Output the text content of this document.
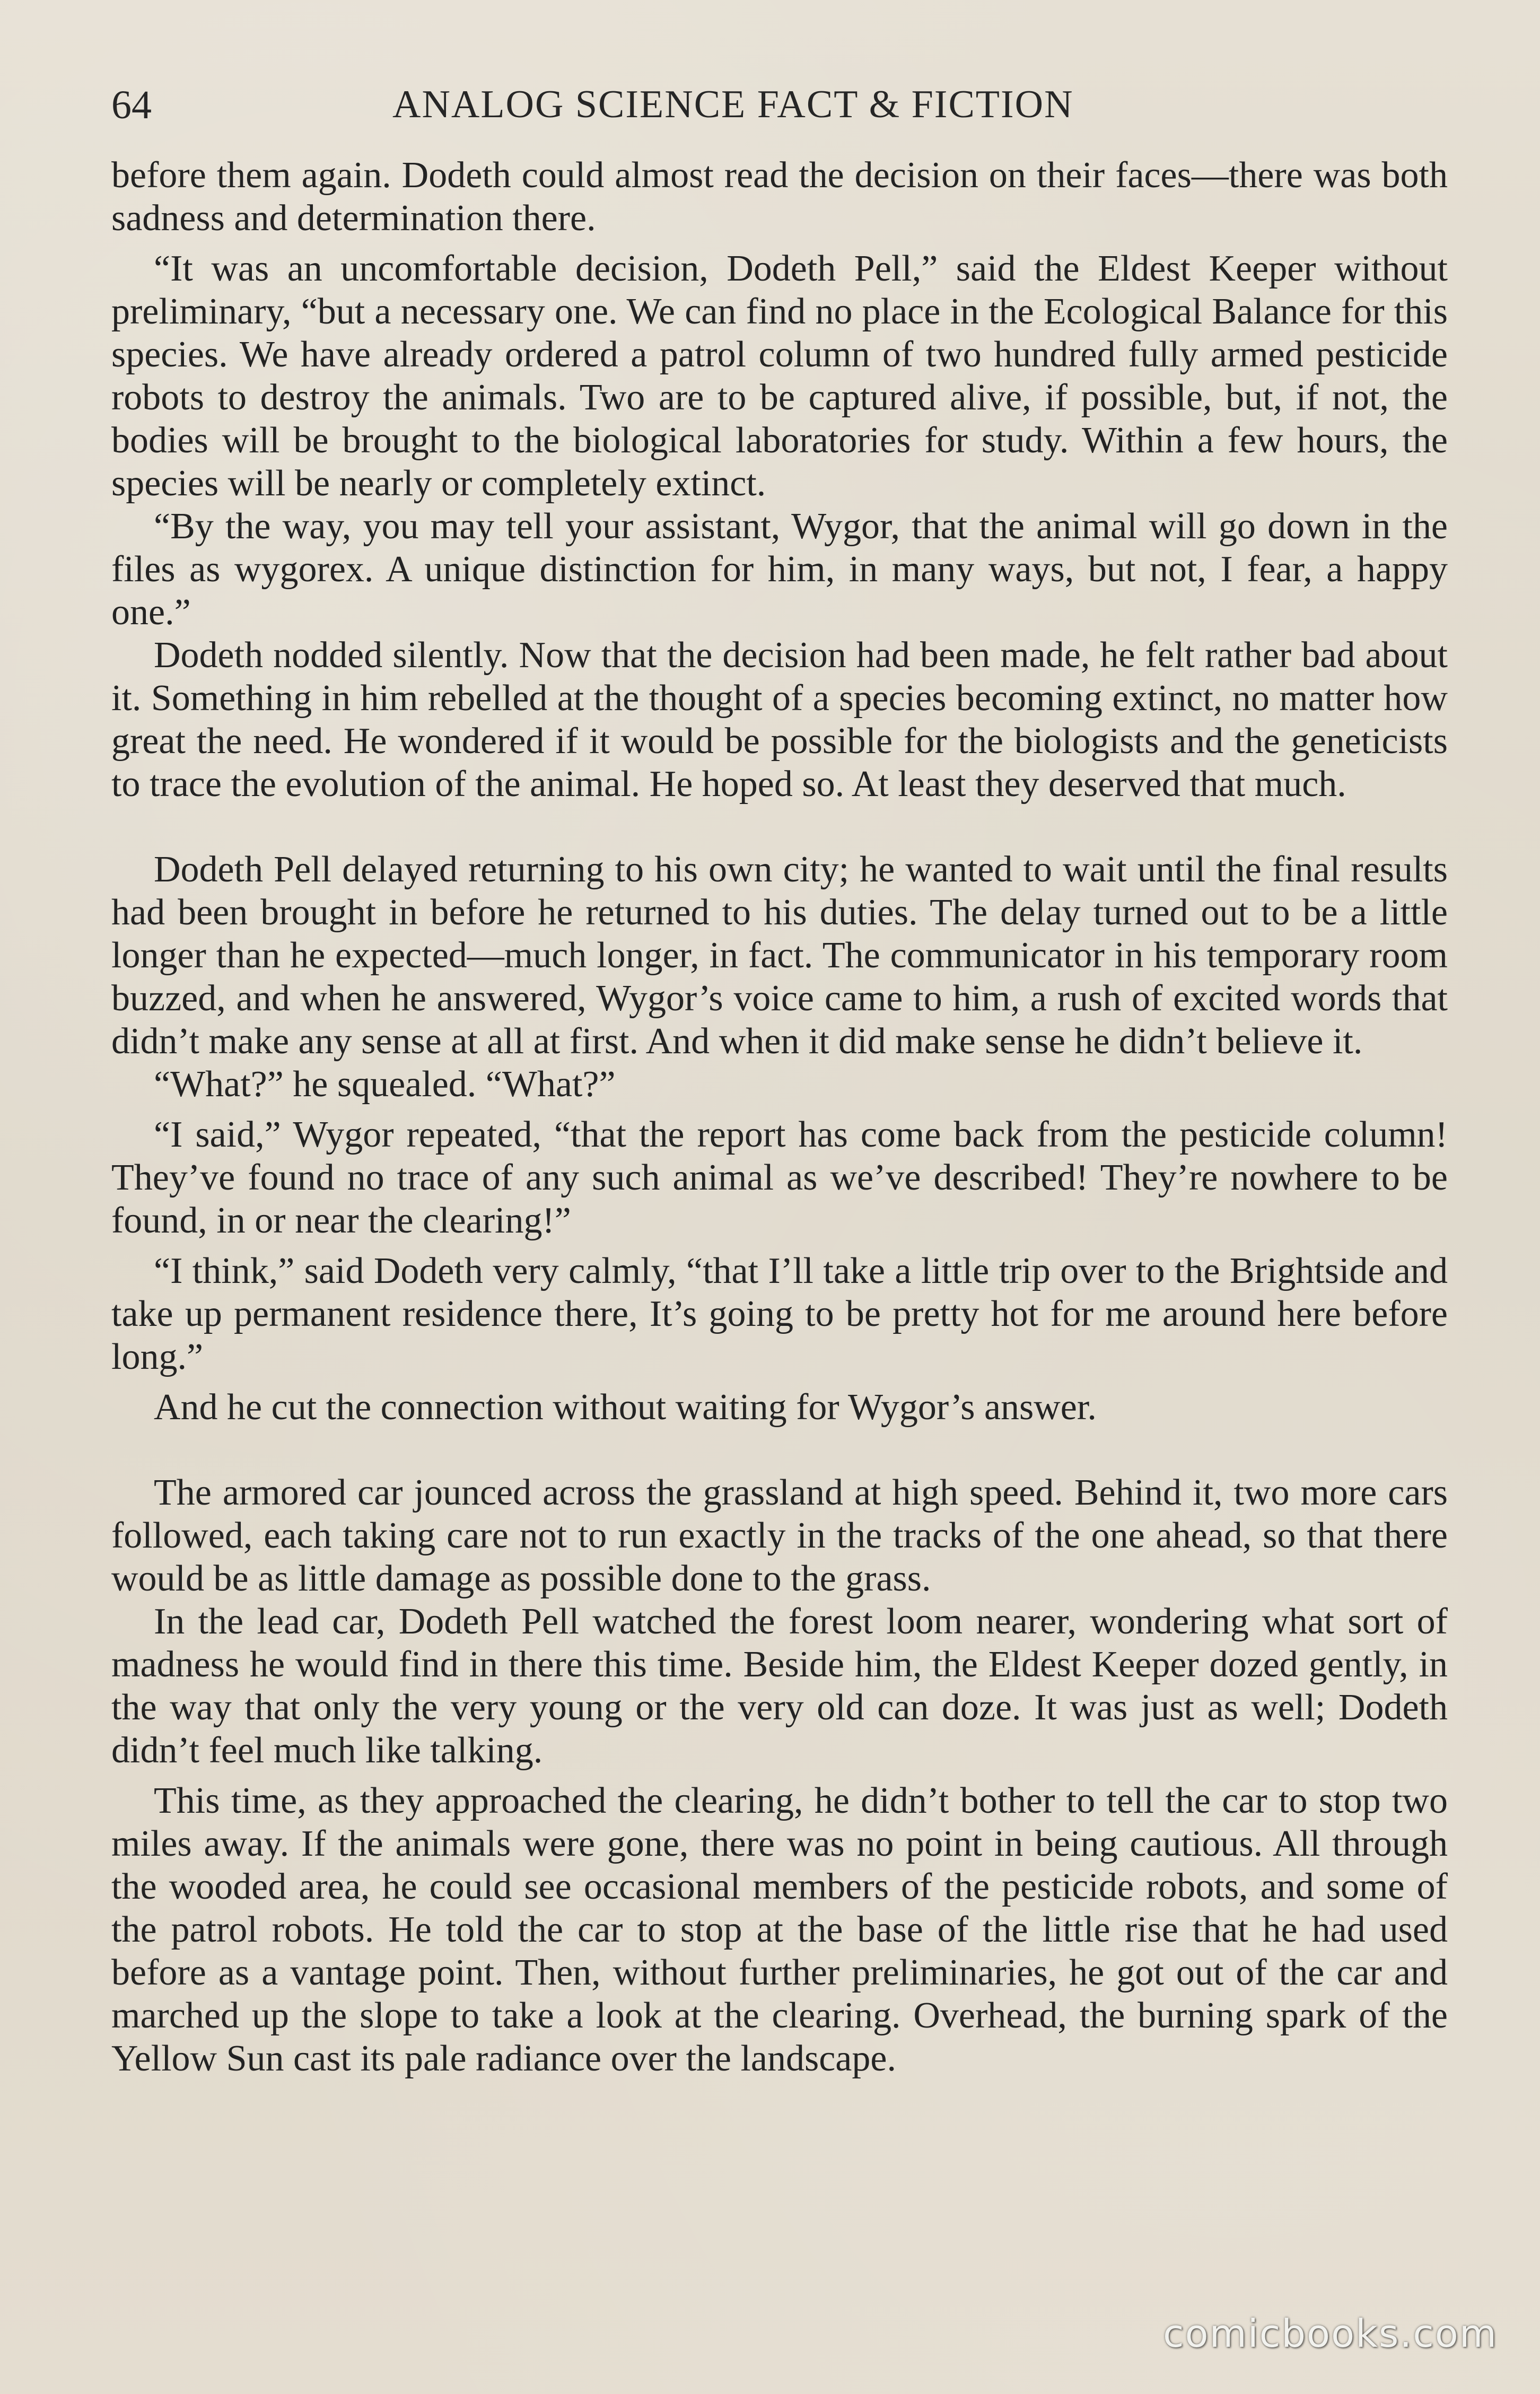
64	ANALOG SCIENCE FACT & FICTION

before them again. Dodeth could almost read the decision on their faces—there was both sadness and determination there.

“It was an uncomfortable decision, Dodeth Pell,” said the Eldest Keeper without preliminary, “but a necessary one. We can find no place in the Ecological Balance for this species. We have already ordered a patrol column of two hundred fully armed pesticide robots to destroy the animals. Two are to be captured alive, if possible, but, if not, the bodies will be brought to the biological laboratories for study. Within a few hours, the species will be nearly or completely extinct.

“By the way, you may tell your assistant, Wygor, that the animal will go down in the files as wygorex. A unique distinction for him, in many ways, but not, I fear, a happy one.”

Dodeth nodded silently. Now that the decision had been made, he felt rather bad about it. Something in him rebelled at the thought of a species becoming extinct, no matter how great the need. He wondered if it would be possible for the biologists and the geneticists to trace the evolution of the animal. He hoped so. At least they deserved that much.

Dodeth Pell delayed returning to his own city; he wanted to wait until the final results had been brought in before he returned to his duties. The delay turned out to be a little longer than he expected—much longer, in fact. The communicator in his temporary room buzzed, and when he answered, Wygor’s voice came to him, a rush of excited words that didn’t make any sense at all at first. And when it did make sense he didn’t believe it.

“What?” he squealed. “What?”

“I said,” Wygor repeated, “that the report has come back from the pesticide column! They’ve found no trace of any such animal as we’ve described! They’re nowhere to be found, in or near the clearing!”

“I think,” said Dodeth very calmly, “that I’ll take a little trip over to the Brightside and take up permanent residence there, It’s going to be pretty hot for me around here before long.”

And he cut the connection without waiting for Wygor’s answer.

The armored car jounced across the grassland at high speed. Behind it, two more cars followed, each taking care not to run exactly in the tracks of the one ahead, so that there would be as little damage as possible done to the grass.

In the lead car, Dodeth Pell watched the forest loom nearer, wondering what sort of madness he would find in there this time. Beside him, the Eldest Keeper dozed gently, in the way that only the very young or the very old can doze. It was just as well; Dodeth didn’t feel much like talking.

This time, as they approached the clearing, he didn’t bother to tell the car to stop two miles away. If the animals were gone, there was no point in being cautious. All through the wooded area, he could see occasional members of the pesticide robots, and some of the patrol robots. He told the car to stop at the base of the little rise that he had used before as a vantage point. Then, without further preliminaries, he got out of the car and marched up the slope to take a look at the clearing. Overhead, the burning spark of the Yellow Sun cast its pale radiance over the landscape.

comicbooks.com
